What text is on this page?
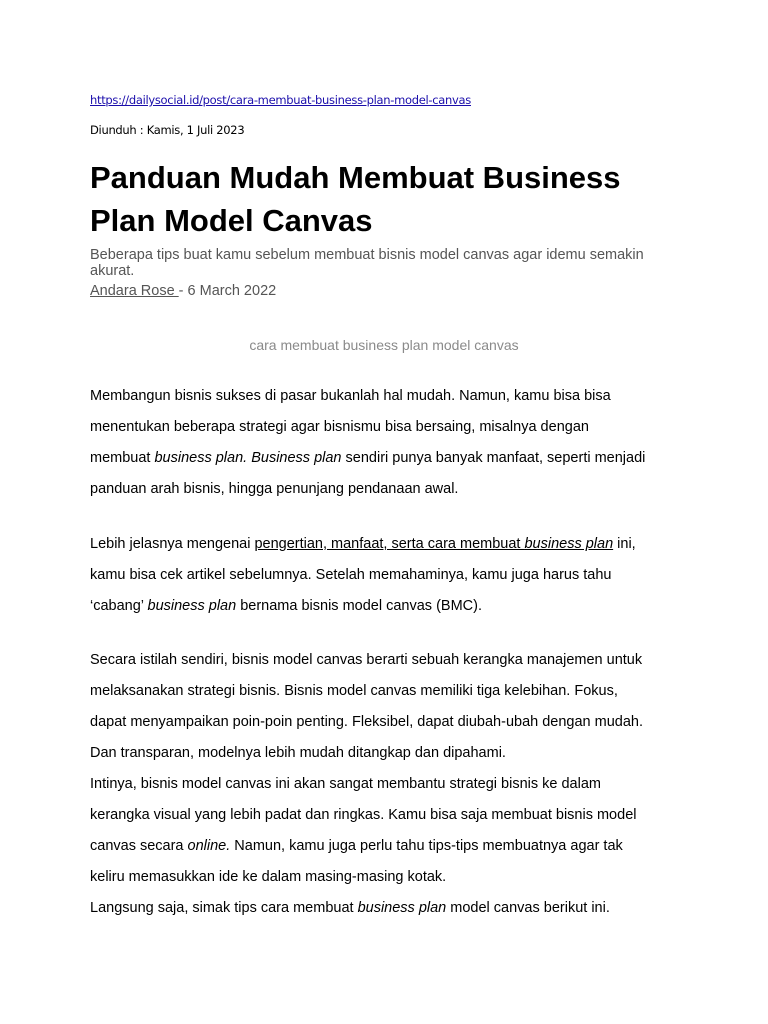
https://dailysocial.id/post/cara-membuat-business-plan-model-canvas
Diunduh : Kamis, 1 Juli 2023
Panduan Mudah Membuat Business
Plan Model Canvas
Beberapa tips buat kamu sebelum membuat bisnis model canvas agar idemu semakin
akurat.
Andara Rose - 6 March 2022
cara membuat business plan model canvas

Membangun bisnis sukses di pasar bukanlah hal mudah. Namun, kamu bisa bisa
menentukan beberapa strategi agar bisnismu bisa bersaing, misalnya dengan
membuat business plan. Business plan sendiri punya banyak manfaat, seperti menjadi
panduan arah bisnis, hingga penunjang pendanaan awal.

Lebih jelasnya mengenai pengertian, manfaat, serta cara membuat business plan ini,
kamu bisa cek artikel sebelumnya. Setelah memahaminya, kamu juga harus tahu
‘cabang’ business plan bernama bisnis model canvas (BMC).

Secara istilah sendiri, bisnis model canvas berarti sebuah kerangka manajemen untuk
melaksanakan strategi bisnis. Bisnis model canvas memiliki tiga kelebihan. Fokus,
dapat menyampaikan poin-poin penting. Fleksibel, dapat diubah-ubah dengan mudah.
Dan transparan, modelnya lebih mudah ditangkap dan dipahami.
Intinya, bisnis model canvas ini akan sangat membantu strategi bisnis ke dalam
kerangka visual yang lebih padat dan ringkas. Kamu bisa saja membuat bisnis model
canvas secara online. Namun, kamu juga perlu tahu tips-tips membuatnya agar tak
keliru memasukkan ide ke dalam masing-masing kotak.
Langsung saja, simak tips cara membuat business plan model canvas berikut ini.
